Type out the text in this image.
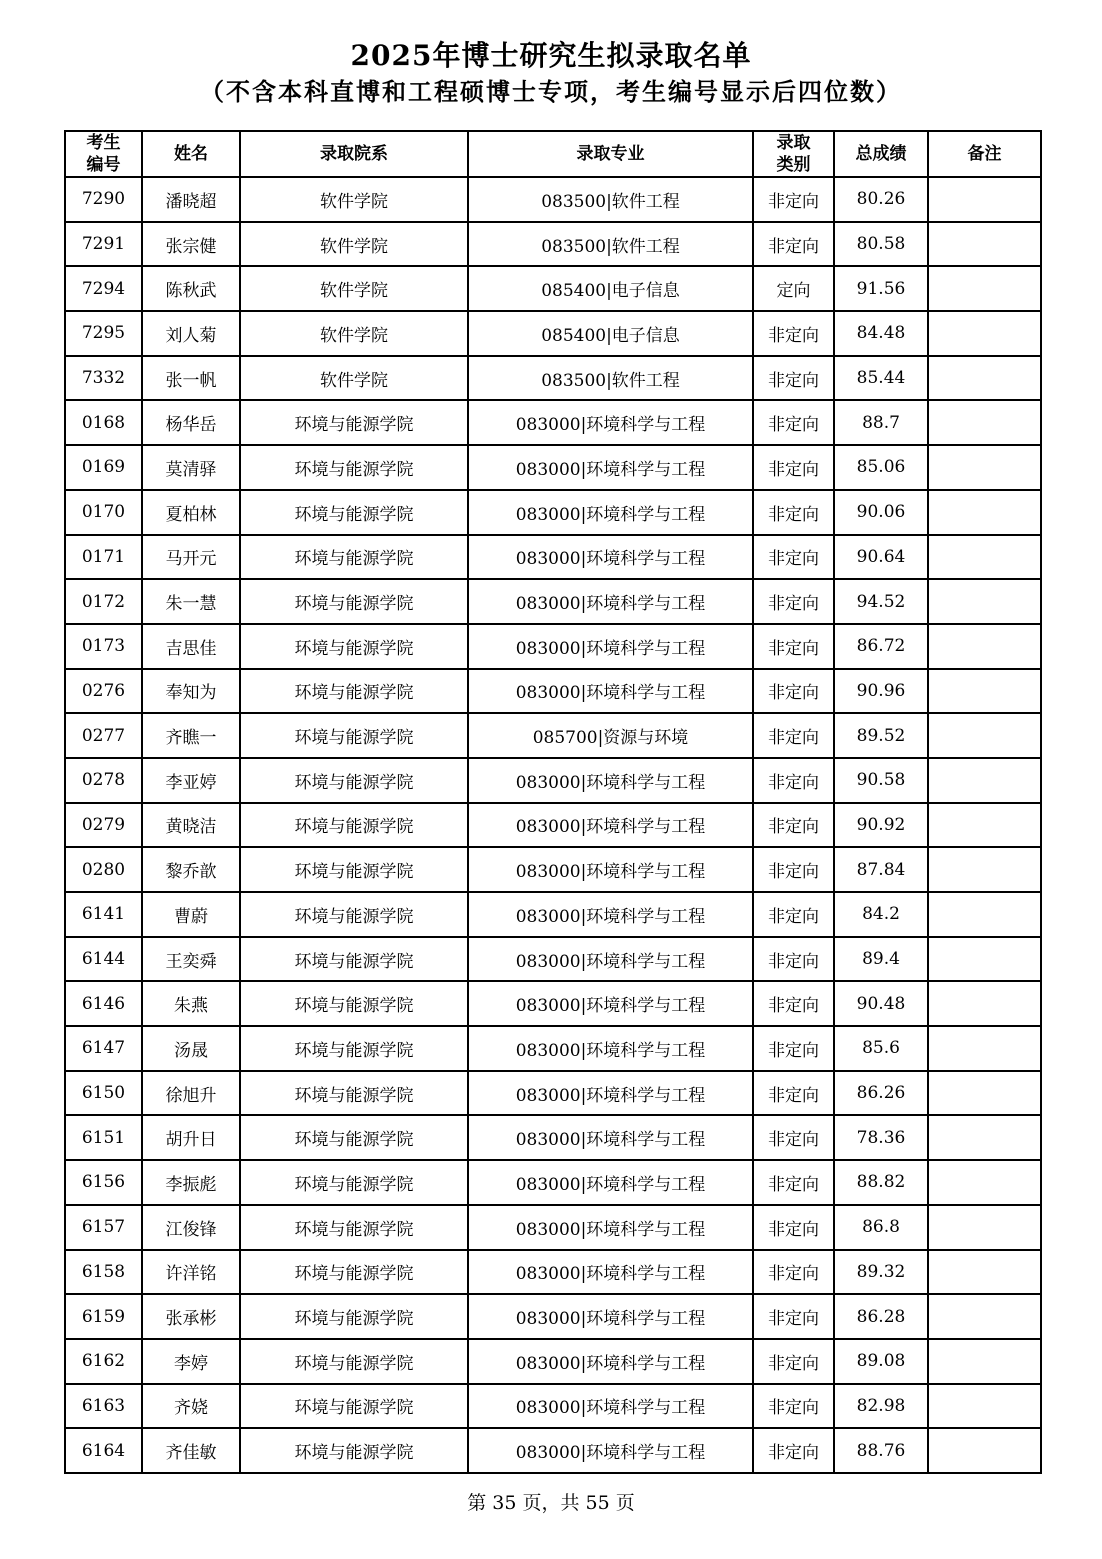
2025年博士研究生拟录取名单
（不含本科直博和工程硕博士专项，考生编号显示后四位数）
考生编号	姓名	录取院系	录取专业	录取类别	总成绩	备注
7290	潘晓超	软件学院	083500|软件工程	非定向	80.26	
7291	张宗健	软件学院	083500|软件工程	非定向	80.58	
7294	陈秋武	软件学院	085400|电子信息	定向	91.56	
7295	刘人菊	软件学院	085400|电子信息	非定向	84.48	
7332	张一帆	软件学院	083500|软件工程	非定向	85.44	
0168	杨华岳	环境与能源学院	083000|环境科学与工程	非定向	88.7	
0169	莫清驿	环境与能源学院	083000|环境科学与工程	非定向	85.06	
0170	夏柏林	环境与能源学院	083000|环境科学与工程	非定向	90.06	
0171	马开元	环境与能源学院	083000|环境科学与工程	非定向	90.64	
0172	朱一慧	环境与能源学院	083000|环境科学与工程	非定向	94.52	
0173	吉思佳	环境与能源学院	083000|环境科学与工程	非定向	86.72	
0276	奉知为	环境与能源学院	083000|环境科学与工程	非定向	90.96	
0277	齐瞧一	环境与能源学院	085700|资源与环境	非定向	89.52	
0278	李亚婷	环境与能源学院	083000|环境科学与工程	非定向	90.58	
0279	黄晓洁	环境与能源学院	083000|环境科学与工程	非定向	90.92	
0280	黎乔歆	环境与能源学院	083000|环境科学与工程	非定向	87.84	
6141	曹蔚	环境与能源学院	083000|环境科学与工程	非定向	84.2	
6144	王奕舜	环境与能源学院	083000|环境科学与工程	非定向	89.4	
6146	朱燕	环境与能源学院	083000|环境科学与工程	非定向	90.48	
6147	汤晟	环境与能源学院	083000|环境科学与工程	非定向	85.6	
6150	徐旭升	环境与能源学院	083000|环境科学与工程	非定向	86.26	
6151	胡升日	环境与能源学院	083000|环境科学与工程	非定向	78.36	
6156	李振彪	环境与能源学院	083000|环境科学与工程	非定向	88.82	
6157	江俊锋	环境与能源学院	083000|环境科学与工程	非定向	86.8	
6158	许洋铭	环境与能源学院	083000|环境科学与工程	非定向	89.32	
6159	张承彬	环境与能源学院	083000|环境科学与工程	非定向	86.28	
6162	李婷	环境与能源学院	083000|环境科学与工程	非定向	89.08	
6163	齐娆	环境与能源学院	083000|环境科学与工程	非定向	82.98	
6164	齐佳敏	环境与能源学院	083000|环境科学与工程	非定向	88.76	
第 35 页，共 55 页
